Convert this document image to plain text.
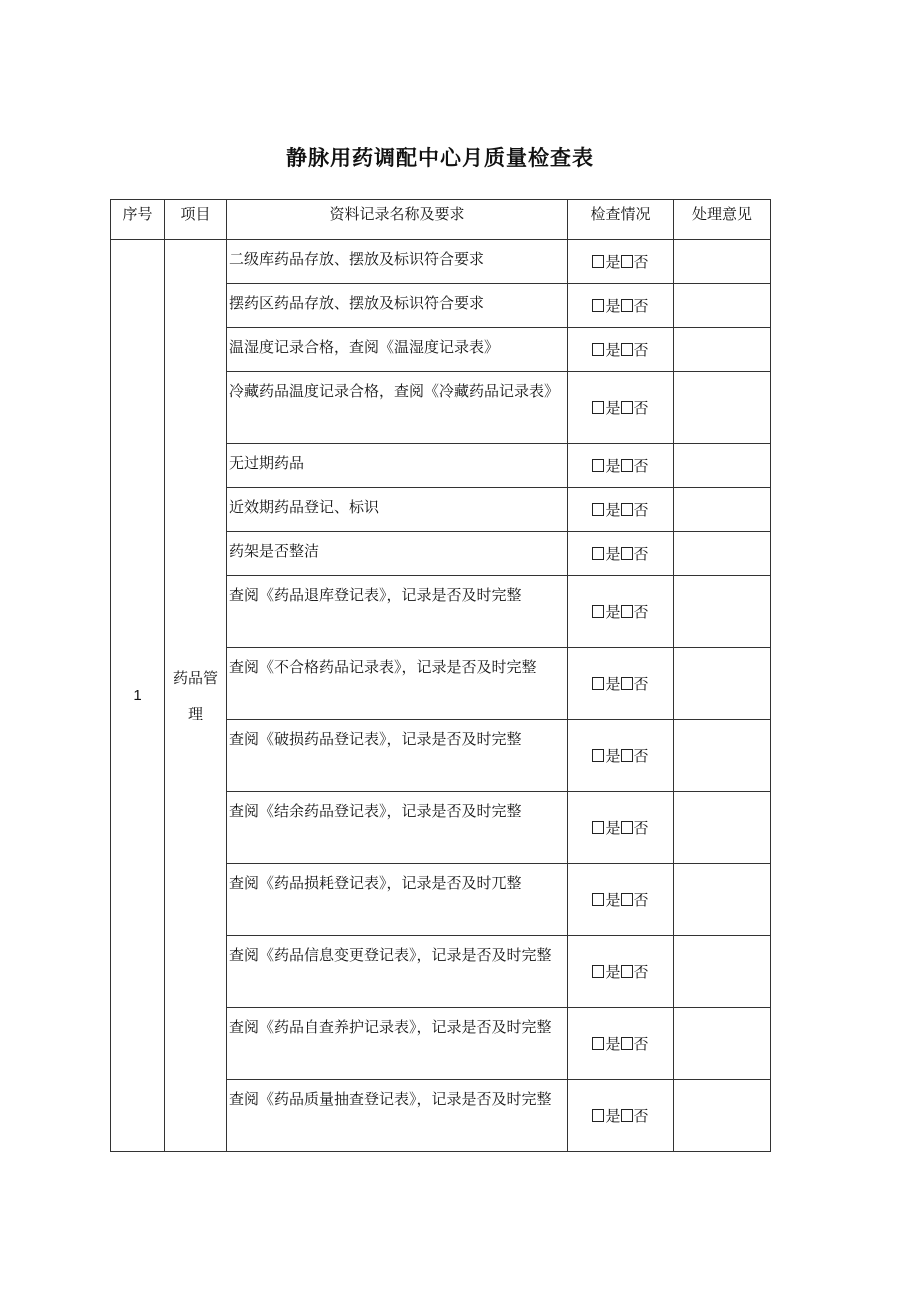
静脉用药调配中心月质量检查表
序号	项目	资料记录名称及要求	检查情况	处理意见
1	药品管理	二级库药品存放、摆放及标识符合要求	是 否	
		摆药区药品存放、摆放及标识符合要求	是 否	
		温湿度记录合格，查阅《温湿度记录表》	是 否	
		冷藏药品温度记录合格，查阅《冷藏药品记录表》	是 否	
		无过期药品	是 否	
		近效期药品登记、标识	是 否	
		药架是否整洁	是 否	
		查阅《药品退库登记表》，记录是否及时完整	是 否	
		查阅《不合格药品记录表》，记录是否及时完整	是 否	
		查阅《破损药品登记表》，记录是否及时完整	是 否	
		查阅《结余药品登记表》，记录是否及时完整	是 否	
		查阅《药品损耗登记表》，记录是否及时兀整	是 否	
		查阅《药品信息变更登记表》，记录是否及时完整	是 否	
		查阅《药品自查养护记录表》，记录是否及时完整	是 否	
		查阅《药品质量抽查登记表》，记录是否及时完整	是 否	
